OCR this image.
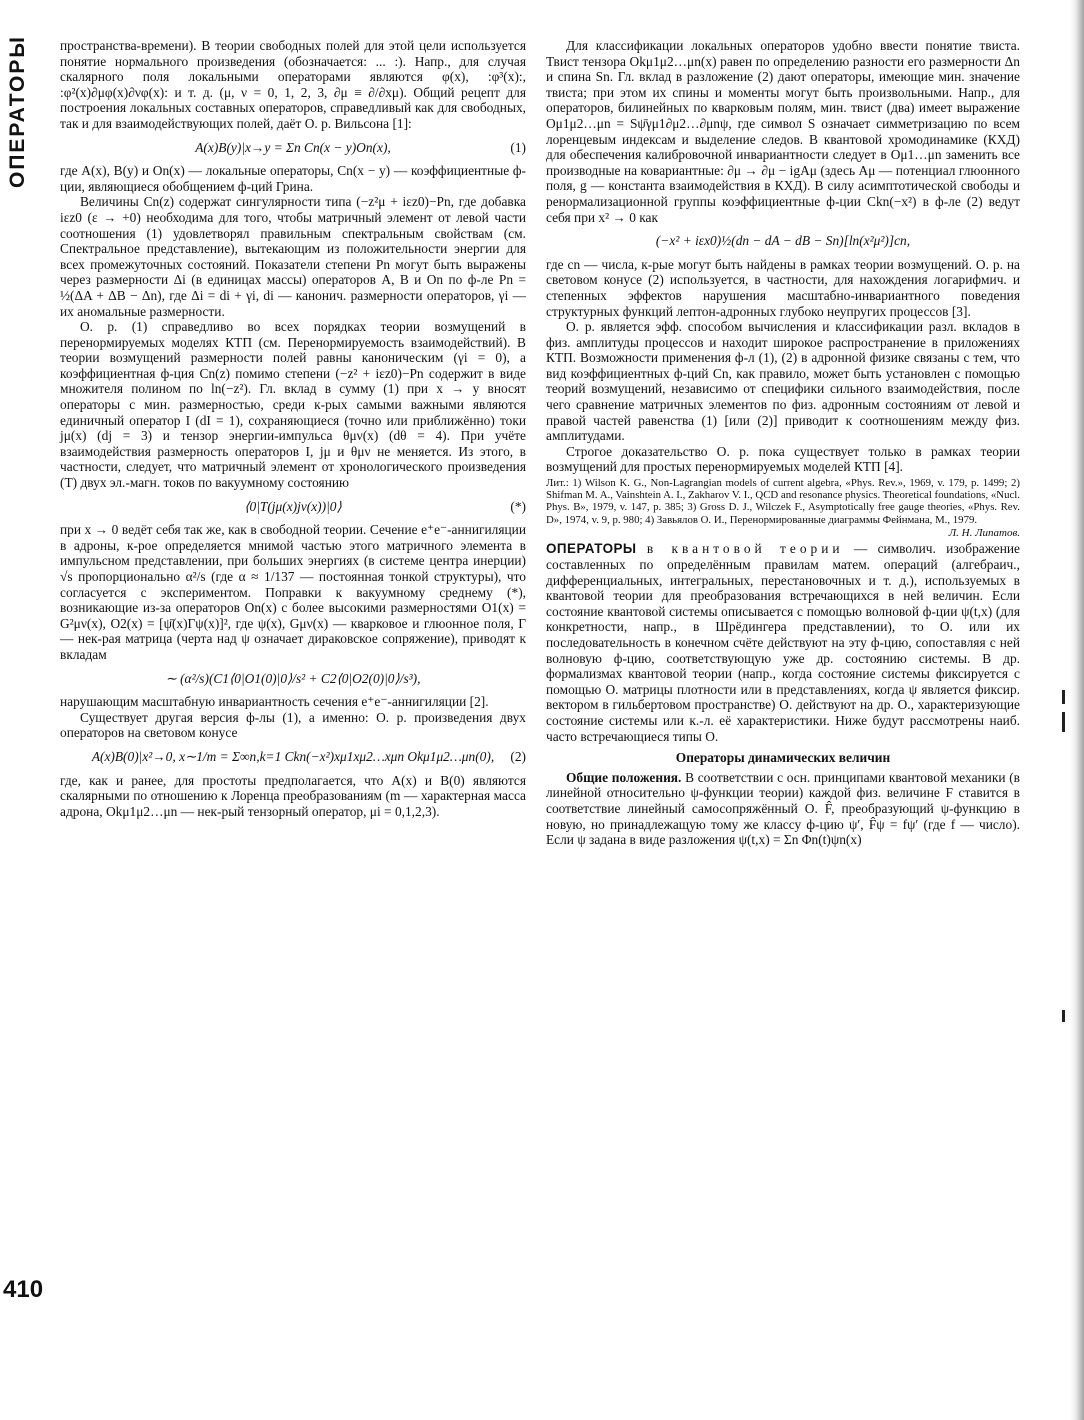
ОПЕРАТОРЫ
410

пространства-времени). В теории свободных полей для этой цели используется понятие нормального произведения (обозначается: ... :). Напр., для случая скалярного поля локальными операторами являются φ(x), :φ³(x):, :φ²(x)∂μφ(x)∂νφ(x): и т. д. (μ, ν = 0, 1, 2, 3, ∂μ ≡ ∂/∂xμ). Общий рецепт для построения локальных составных операторов, справедливый как для свободных, так и для взаимодействующих полей, даёт О. р. Вильсона [1]:

A(x)B(y)|x→y = Σn Cn(x − y)On(x),	(1)

где A(x), B(y) и On(x) — локальные операторы, Cn(x − y) — коэффициентные ф-ции, являющиеся обобщением ф-ций Грина.

Величины Cn(z) содержат сингулярности типа (−z²μ + iεz0)−Pn, где добавка iεz0 (ε → +0) необходима для того, чтобы матричный элемент от левой части соотношения (1) удовлетворял правильным спектральным свойствам (см. Спектральное представление), вытекающим из положительности энергии для всех промежуточных состояний. Показатели степени Pn могут быть выражены через размерности Δi (в единицах массы) операторов A, B и On по ф-ле Pn = ½(ΔA + ΔB − Δn), где Δi = di + γi, di — канонич. размерности операторов, γi — их аномальные размерности.

О. р. (1) справедливо во всех порядках теории возмущений в перенормируемых моделях КТП (см. Перенормируемость взаимодействий). В теории возмущений размерности полей равны каноническим (γi = 0), а коэффициентная ф-ция Cn(z) помимо степени (−z² + iεz0)−Pn содержит в виде множителя полином по ln(−z²). Гл. вклад в сумму (1) при x → y вносят операторы с мин. размерностью, среди к-рых самыми важными являются единичный оператор I (dI = 1), сохраняющиеся (точно или приближённо) токи jμ(x) (dj = 3) и тензор энергии-импульса θμν(x) (dθ = 4). При учёте взаимодействия размерность операторов I, jμ и θμν не меняется. Из этого, в частности, следует, что матричный элемент от хронологического произведения (T) двух эл.-магн. токов по вакуумному состоянию

⟨0|T(jμ(x)jν(x))|0⟩	(*)

при x → 0 ведёт себя так же, как в свободной теории. Сечение e⁺e⁻-аннигиляции в адроны, к-рое определяется мнимой частью этого матричного элемента в импульсном представлении, при больших энергиях (в системе центра инерции) √s пропорционально α²/s (где α ≈ 1/137 — постоянная тонкой структуры), что согласуется с экспериментом. Поправки к вакуумному среднему (*), возникающие из-за операторов On(x) с более высокими размерностями O1(x) = G²μν(x), O2(x) = [ψ̄(x)Γψ(x)]², где ψ(x), Gμν(x) — кварковое и глюонное поля, Γ — нек-рая матрица (черта над ψ означает дираковское сопряжение), приводят к вкладам

∼ (α²/s)(C1⟨0|O1(0)|0⟩/s² + C2⟨0|O2(0)|0⟩/s³),

нарушающим масштабную инвариантность сечения e⁺e⁻-аннигиляции [2].

Существует другая версия ф-лы (1), а именно: О. р. произведения двух операторов на световом конусе

A(x)B(0)|x²→0, x∼1/m = Σ∞n,k=1 Ckn(−x²)xμ1xμ2…xμn Okμ1μ2…μn(0), (2)

где, как и ранее, для простоты предполагается, что A(x) и B(0) являются скалярными по отношению к Лоренца преобразованиям (m — характерная масса адрона, Okμ1μ2…μn — нек-рый тензорный оператор, μi = 0,1,2,3).

Для классификации локальных операторов удобно ввести понятие твиста. Твист тензора Okμ1μ2…μn(x) равен по определению разности его размерности Δn и спина Sn. Гл. вклад в разложение (2) дают операторы, имеющие мин. значение твиста; при этом их спины и моменты могут быть произвольными. Напр., для операторов, билинейных по кварковым полям, мин. твист (два) имеет выражение Oμ1μ2…μn = Sψ̄γμ1∂μ2…∂μnψ, где символ S означает симметризацию по всем лоренцевым индексам и выделение следов. В квантовой хромодинамике (КХД) для обеспечения калибровочной инвариантности следует в Oμ1…μn заменить все производные на ковариантные: ∂μ → ∂μ − igAμ (здесь Aμ — потенциал глюонного поля, g — константа взаимодействия в КХД). В силу асимптотической свободы и ренормализационной группы коэффициентные ф-ции Ckn(−x²) в ф-ле (2) ведут себя при x² → 0 как

(−x² + iεx0)½(dn − dA − dB − Sn)[ln(x²μ²)]cn,

где cn — числа, к-рые могут быть найдены в рамках теории возмущений. О. р. на световом конусе (2) используется, в частности, для нахождения логарифмич. и степенных эффектов нарушения масштабно-инвариантного поведения структурных функций лептон-адронных глубоко неупругих процессов [3].

О. р. является эфф. способом вычисления и классификации разл. вкладов в физ. амплитуды процессов и находит широкое распространение в приложениях КТП. Возможности применения ф-л (1), (2) в адронной физике связаны с тем, что вид коэффициентных ф-ций Cn, как правило, может быть установлен с помощью теорий возмущений, независимо от специфики сильного взаимодействия, после чего сравнение матричных элементов по физ. адронным состояниям от левой и правой частей равенства (1) [или (2)] приводит к соотношениям между физ. амплитудами.

Строгое доказательство О. р. пока существует только в рамках теории возмущений для простых перенормируемых моделей КТП [4].

Лит.: 1) Wilson K. G., Non-Lagrangian models of current algebra, «Phys. Rev.», 1969, v. 179, p. 1499; 2) Shifman M. A., Vainshtein A. I., Zakharov V. I., QCD and resonance physics. Theoretical foundations, «Nucl. Phys. B», 1979, v. 147, p. 385; 3) Gross D. J., Wilczek F., Asymptotically free gauge theories, «Phys. Rev. D», 1974, v. 9, p. 980; 4) Завьялов О. И., Перенормированные диаграммы Фейнмана, М., 1979.
Л. Н. Липатов.

ОПЕРАТОРЫ в квантовой теории — символич. изображение составленных по определённым правилам матем. операций (алгебраич., дифференциальных, интегральных, перестановочных и т. д.), используемых в квантовой теории для преобразования встречающихся в ней величин. Если состояние квантовой системы описывается с помощью волновой ф-ции ψ(t,x) (для конкретности, напр., в Шрёдингера представлении), то О. или их последовательность в конечном счёте действуют на эту ф-цию, сопоставляя с ней волновую ф-цию, соответствующую уже др. состоянию системы. В др. формализмах квантовой теории (напр., когда состояние системы фиксируется с помощью О. матрицы плотности или в представлениях, когда ψ является фиксир. вектором в гильбертовом пространстве) О. действуют на др. О., характеризующие состояние системы или к.-л. её характеристики. Ниже будут рассмотрены наиб. часто встречающиеся типы О.

Операторы динамических величин

Общие положения. В соответствии с осн. принципами квантовой механики (в линейной относительно ψ-функции теории) каждой физ. величине F ставится в соответствие линейный самосопряжённый О. F̂, преобразующий ψ-функцию в новую, но принадлежащую тому же классу ф-цию ψ′, F̂ψ = fψ′ (где f — число). Если ψ задана в виде разложения ψ(t,x) = Σn Φn(t)ψn(x)
